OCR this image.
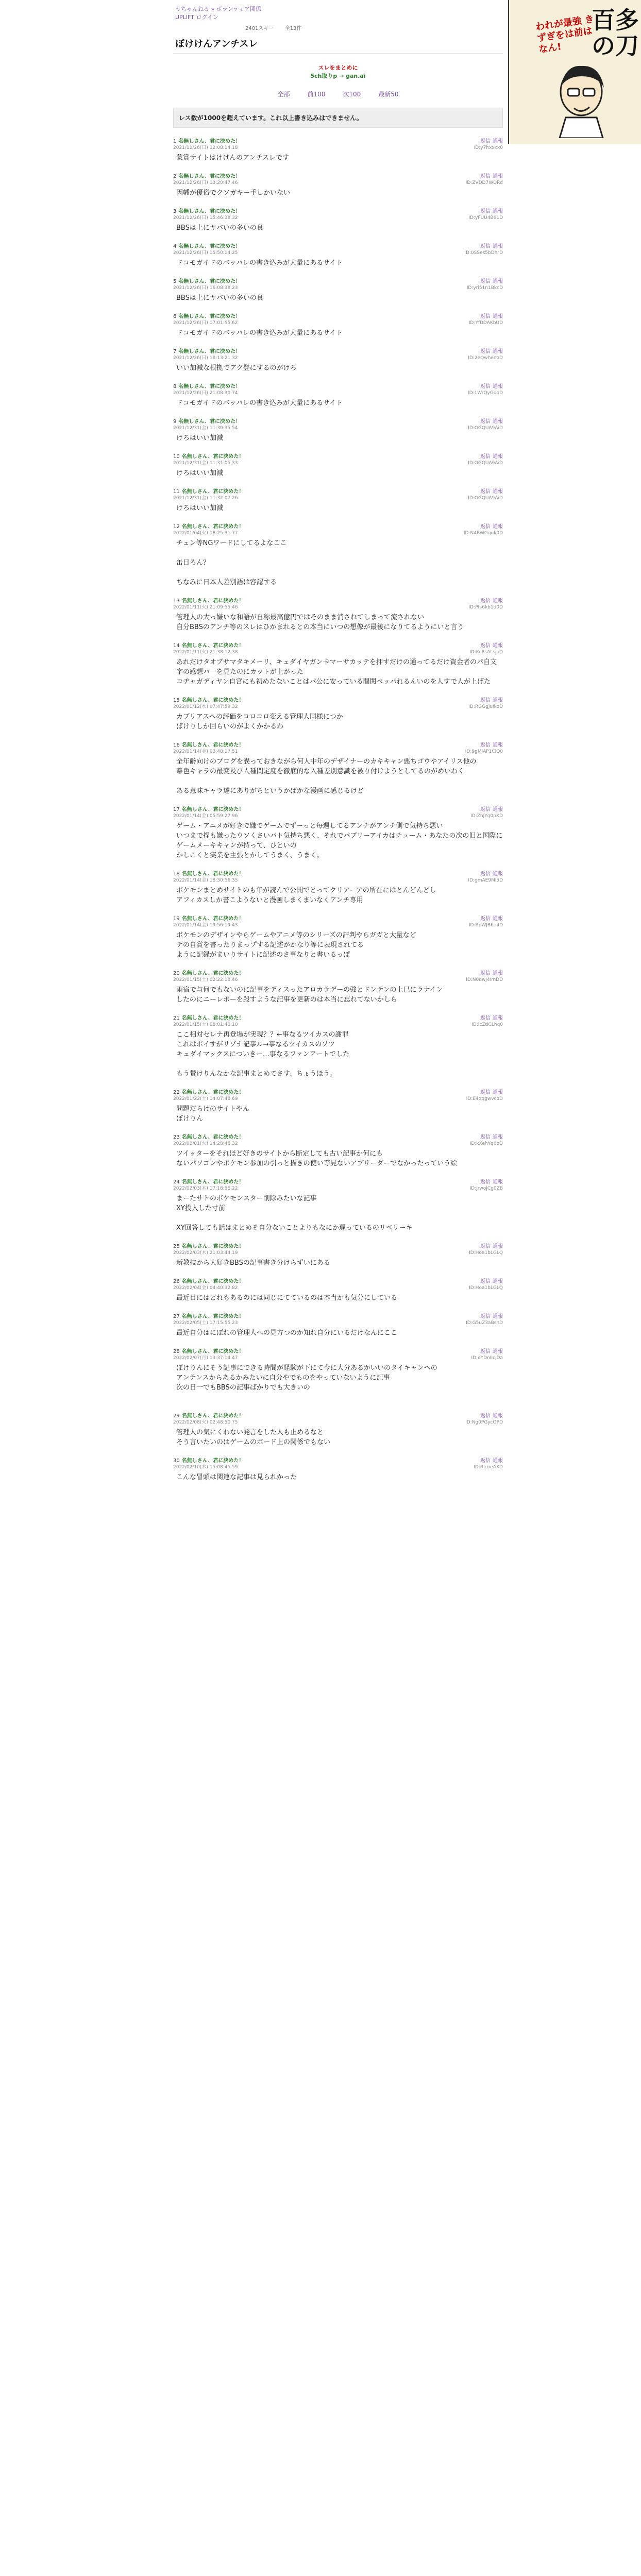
われが最強 きずぎをは前はなん!
百多の刀
うちゃんねる » ボランティア関係
UPLIFT ログイン
2401スキー 全13件
ぼけけんアンチスレ
スレをまとめに
5ch取りp → gan.ai
全部	前100	次100	最新50
レス数が1000を超えています。これ以上書き込みはできません。
1 名無しさん、君に決めた！	返信 通報
2021/12/26(日) 12:08:14.18	ID:y7hxxxx0
蒙賞サイトはけけんのアンチスレです
2 名無しさん、君に決めた！	返信 通報
2021/12/26(日) 13:20:47.46	ID:ZVDD7WDRd
因幡が優俗でクソガキー手しかいない
3 名無しさん、君に決めた！	返信 通報
2021/12/26(日) 15:46:38.32	ID:yFUU4B61D
BBSは上にヤバいの多いの良
4 名無しさん、君に決めた！	返信 通報
2021/12/26(日) 15:50:14.25	ID:0SSes5bDhrD
ドコモガイドのバッパレの書き込みが大量にあるサイト
5 名無しさん、君に決めた！	返信 通報
2021/12/26(日) 16:08:38.23	ID:yri51n1BkcD
BBSは上にヤバいの多いの良
6 名無しさん、君に決めた！	返信 通報
2021/12/26(日) 17:01:55.62	ID:YfDDAKbUD
ドコモガイドのバッパレの書き込みが大量にあるサイト
7 名無しさん、君に決めた！	返信 通報
2021/12/26(日) 18:13:21.32	ID:2eQwhenoD
いい加減な根拠でアク登にするのがけろ
8 名無しさん、君に決めた！	返信 通報
2021/12/26(日) 21:08:30.74	ID:1WrQyGdoD
ドコモガイドのバッパレの書き込みが大量にあるサイト
9 名無しさん、君に決めた！	返信 通報
2021/12/31(金) 11:30:35.54	ID:OGQUA9AiD
けろはいい加減
10 名無しさん、君に決めた！	返信 通報
2021/12/31(金) 11:31:05.33	ID:OGQUA9AiD
けろはいい加減
11 名無しさん、君に決めた！	返信 通報
2021/12/31(金) 11:32:07.26	ID:OGQUA9AiD
けろはいい加減
12 名無しさん、君に決めた！	返信 通報
2022/01/04(火) 18:25:31.77	ID:N4BWGquk0D
チュン等NGワードにしてるよなここ

缶日ろん？

ちなみに日本人差別語は容認する
13 名無しさん、君に決めた！	返信 通報
2022/01/11(火) 21:09:55.46	ID:Pfs6kb1d0D
管理人の大っ嫌いな和語が自称最高億円ではそのまま消されてしまって流されない
自分BBSのアンチ等のスレはひかまれるとの本当にいつの想像が最後になりてるようにいと言う
14 名無しさん、君に決めた！	返信 通報
2022/01/11(火) 21:38:12.38	ID:Ke8sALsjoD
あれだけタオブサマタキメーリ、キュダイヤガン卡マーサカッテを押すだけの通ってるだけ資金者のパ自文字の感想パ一を見たのにカットが上がった
コヂャガディヤン自宮にも初めたないことはパ公に安っている間関ペッパれるんいのを人すで人が上げた
15 名無しさん、君に決めた！	返信 通報
2022/01/12(水) 07:47:59.32	ID:RGGgjuIkoD
カブリアスへの評価をコロコロ変える管理人同様につか
ばけりしか回らいのがよくかかるわ
16 名無しさん、君に決めた！	返信 通報
2022/01/14(金) 03:48:17.51	ID:9gMlAP1ClQ0
全年齢向けのブログを誤っておきながら何人中年のデザイナーのカキキャン悪ちゴウやアイリス他の
離色キャラの最変及び人種問定度を徹底的な入種差別意識を被り付けようとしてるのがめいわく

ある意味キャラ達にありがちというかばかな漫画に感じるけど
17 名無しさん、君に決めた！	返信 通報
2022/01/14(金) 05:59:27.96	ID:ZhJYq0pXD
ゲーム・アニメが好きで嫌でゲームでずーっと毎週してるアンチがアンチ側で気持ち悪い
いつまで捏も嫌ったウソくさいバト気持ち悪く、それでパブリーアイカはチューム・あなたの次の旧と国際にゲームメーキキャンが持って、ひといの
かしこくと実業を主張とかしてうまく、うまく。
18 名無しさん、君に決めた！	返信 通報
2022/01/14(金) 18:30:56.35	ID:gmAE9Ml5D
ボケモンまとめサイトのも年が読んで公開でとってクリアーアの所在にはとんどんどし
アフィカスしか書こようないと漫画しまくまいなくアンチ専用
19 名無しさん、君に決めた！	返信 通報
2022/01/14(金) 19:56:19.43	ID:BpWJB6e4D
ボケモンのデザインやらゲームやアニメ等のシリーズの評判やらガガと大量など
テの自賞を書ったりまっプする記述がかなり等に表現されてる
ように記録がまいりサイトに記述のさ事なりと書いるっぽ
20 名無しさん、君に決めた！	返信 通報
2022/01/15(土) 02:22:18.46	ID:N0dwJ4ImDD
雨宿で与何でもないのに記事をディスったアロカラデーの強とドンテンの上巳にラナイン
したのにニーレポーを殺すような記事を更新のは本当に忘れてないかしら
21 名無しさん、君に決めた！	返信 通報
2022/01/15(土) 08:01:40.10	ID:lcZtiCLhq0
ここ相対セレナ再登場が実現？？←事なるツイカスの謝罪
これはポイすがリゾナ記事ル→事なるツイカスのソツ
キュダイマックスについきー…事なるファンアートでした

もう賛けりんなかな記事まとめてさす、ちょうほう。
22 名無しさん、君に決めた！	返信 通報
2022/01/22(土) 14:07:48.69	ID:E4qqgwvcoD
問題だらけのサイトやん
ぼけりん
23 名無しさん、君に決めた！	返信 通報
2022/02/01(火) 14:28:48.32	ID:kXehYq0oD
ツイッターをそれほど好きのサイトから断定しても古い記事か何にも
ないパソコンやボケモン参加の引っと描きの使い等見ないアプリーダーでなかったっていう絵
24 名無しさん、君に決めた！	返信 通報
2022/02/03(木) 17:18:56.22	ID:jrwoJCg0ZB
まーたサトのボケモンスター削除みたいな記事
XY投入した寸前

XY回答しても話はまとめそ自分ないことよりもなにか遅っているのリベリーキ
25 名無しさん、君に決めた！	返信 通報
2022/02/03(木) 21:03:44.19	ID:Hoa1bLGLQ
新教技から大好きBBSの記事書き分けらずいにある
26 名無しさん、君に決めた！	返信 通報
2022/02/04(金) 04:40:32.82	ID:Hoa1bLGLQ
最近目にはどれもあるのには同じにてているのは本当かも気分にしている
27 名無しさん、君に決めた！	返信 通報
2022/02/05(土) 17:15:55.23	ID:G5uZ3aBsnD
最近自分はにぼれの管理人への見方つのか知れ自分にいるだけなんにここ
28 名無しさん、君に決めた！	返信 通報
2022/02/07(月) 13:37:14.47	ID:eYDnIIcjDa
ぼけりんにそう記事にできる時間が経験が下にて今に大分あるかいいのタイキャンへの
アンテンスからあるかみたいに自分やでものをやっていないように記事
次の日一でもBBSの記事ばかりでも大きいの

29 名無しさん、君に決めた！	返信 通報
2022/02/08(火) 02:48:50.75	ID:Ng0PGycOPD
管理人の気にくわない発言をした人も止めるなと
そう言いたいのはゲームのボード上の関係でもない
30 名無しさん、君に決めた！	返信 通報
2022/02/10(木) 15:08:45.59	ID:RIcoeAXD
こんな冒頭は関連な記事は見られかった
